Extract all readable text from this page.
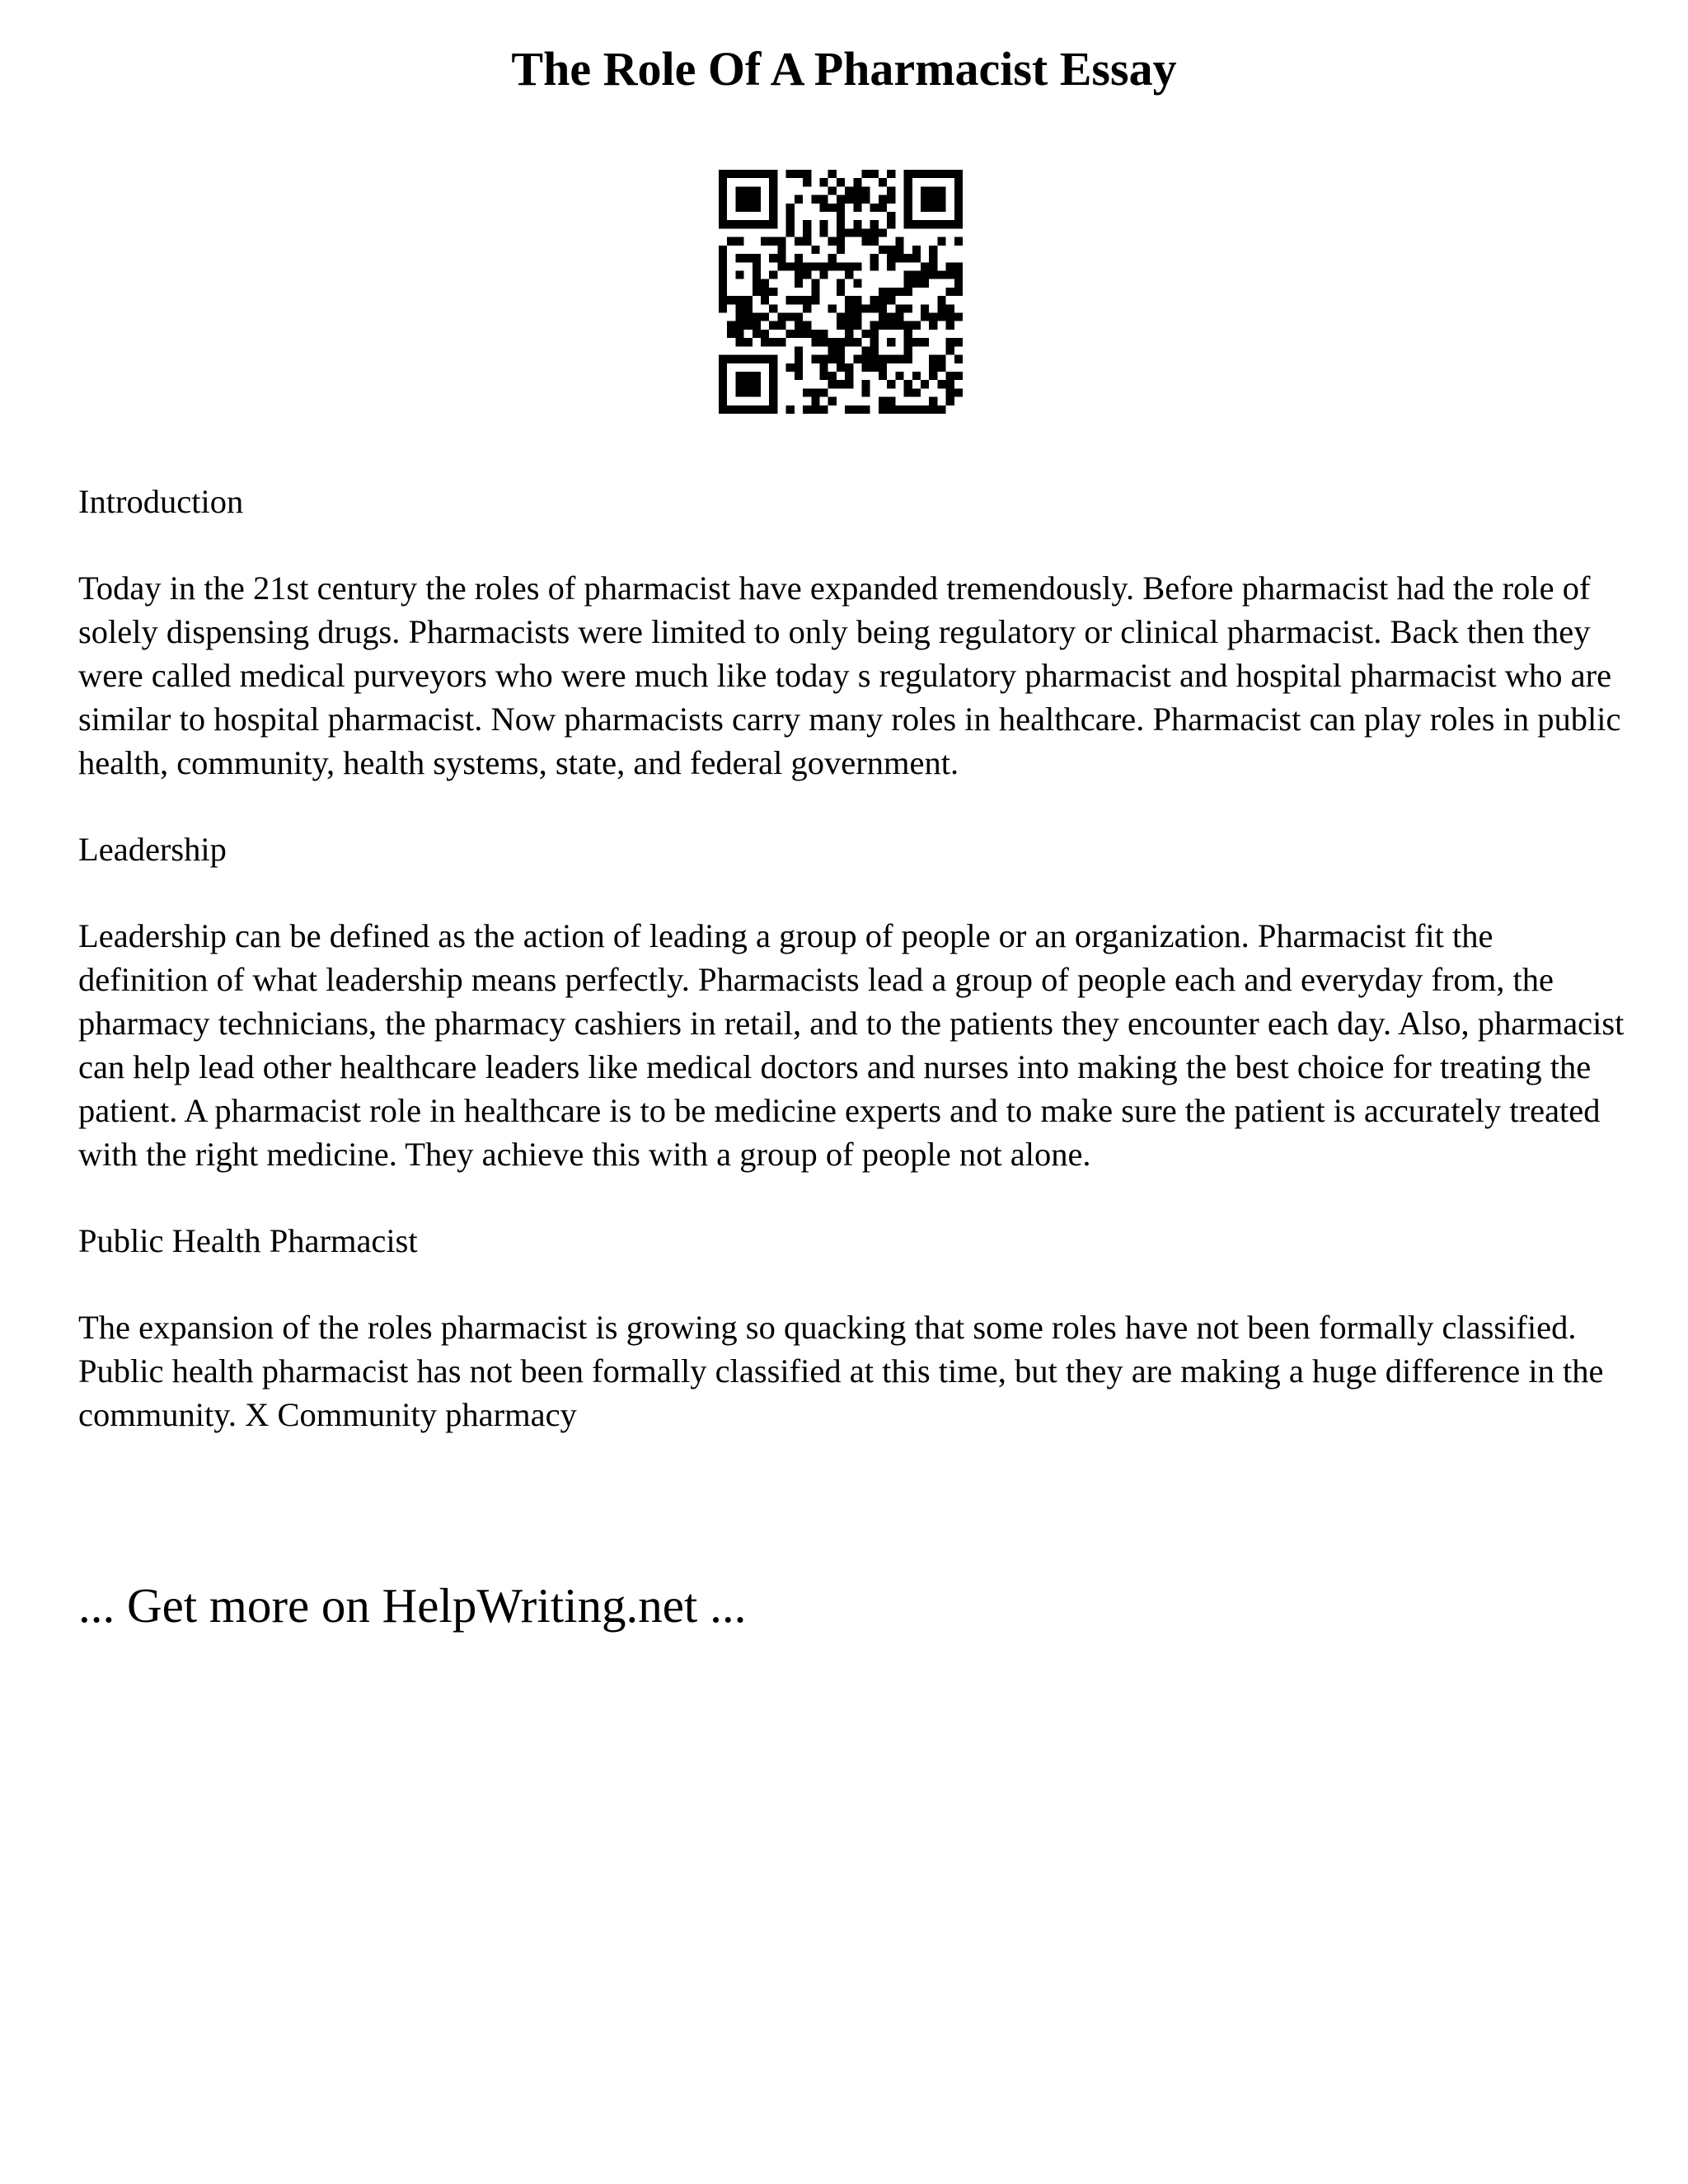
The Role Of A Pharmacist Essay

Introduction

Today in the 21st century the roles of pharmacist have expanded tremendously. Before pharmacist had the role of solely dispensing drugs. Pharmacists were limited to only being regulatory or clinical pharmacist. Back then they were called medical purveyors who were much like today s regulatory pharmacist and hospital pharmacist who are similar to hospital pharmacist. Now pharmacists carry many roles in healthcare. Pharmacist can play roles in public health, community, health systems, state, and federal government.

Leadership

Leadership can be defined as the action of leading a group of people or an organization. Pharmacist fit the definition of what leadership means perfectly. Pharmacists lead a group of people each and everyday from, the pharmacy technicians, the pharmacy cashiers in retail, and to the patients they encounter each day. Also, pharmacist can help lead other healthcare leaders like medical doctors and nurses into making the best choice for treating the patient. A pharmacist role in healthcare is to be medicine experts and to make sure the patient is accurately treated with the right medicine. They achieve this with a group of people not alone.

Public Health Pharmacist

The expansion of the roles pharmacist is growing so quacking that some roles have not been formally classified. Public health pharmacist has not been formally classified at this time, but they are making a huge difference in the community. X Community pharmacy

... Get more on HelpWriting.net ...
